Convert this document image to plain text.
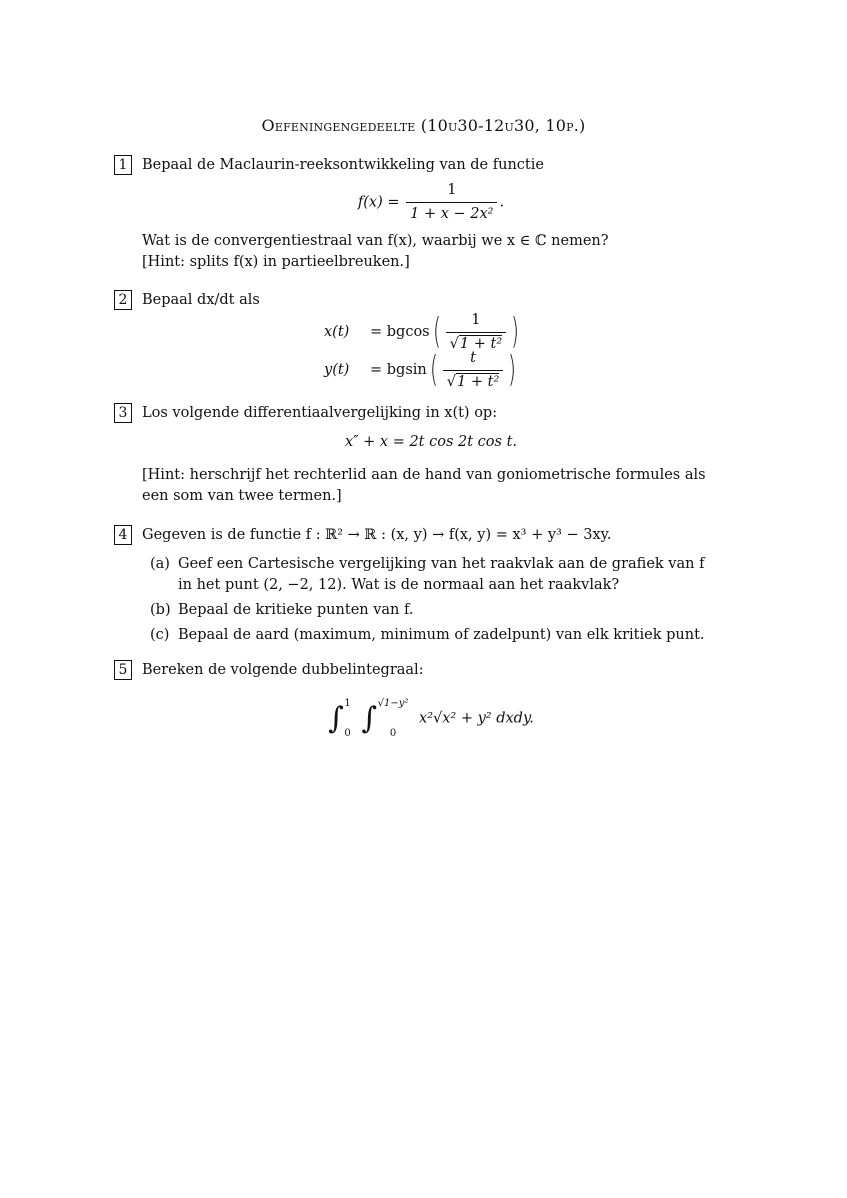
Oefeningengedeelte (10u30-12u30, 10p.)
1	Bepaal de Maclaurin-reeksontwikkeling van de functie
$f(x) = \frac{1}{\text{1 + x − 2x²}}$ .
Wat is de convergentiestraal van f(x), waarbij we x ∈ ℂ nemen?
[Hint: splits f(x) in partieelbreuken.]
2	Bepaal dx/dt als
x(t)	= bgcos ( $\frac{1}{\text{√1 + t²}}$ )
y(t)	= bgsin ( $\frac{t}{\text{√1 + t²}}$ )
3	Los volgende differentiaalvergelijking in x(t) op:
x″ + x = 2t cos 2t cos t.
[Hint: herschrijf het rechterlid aan de hand van goniometrische formules als een som van twee termen.]
4	Gegeven is de functie f : ℝ² → ℝ : (x, y) → f(x, y) = x³ + y³ − 3xy.
(a) Geef een Cartesische vergelijking van het raakvlak aan de grafiek van f in het punt (2, −2, 12). Wat is de normaal aan het raakvlak?
(b) Bepaal de kritieke punten van f.
(c) Bepaal de aard (maximum, minimum of zadelpunt) van elk kritiek punt.
5	Bereken de volgende dubbelintegraal:
∫ 1
0 ∫ √1−y²
0
x²√x² + y² dxdy.
